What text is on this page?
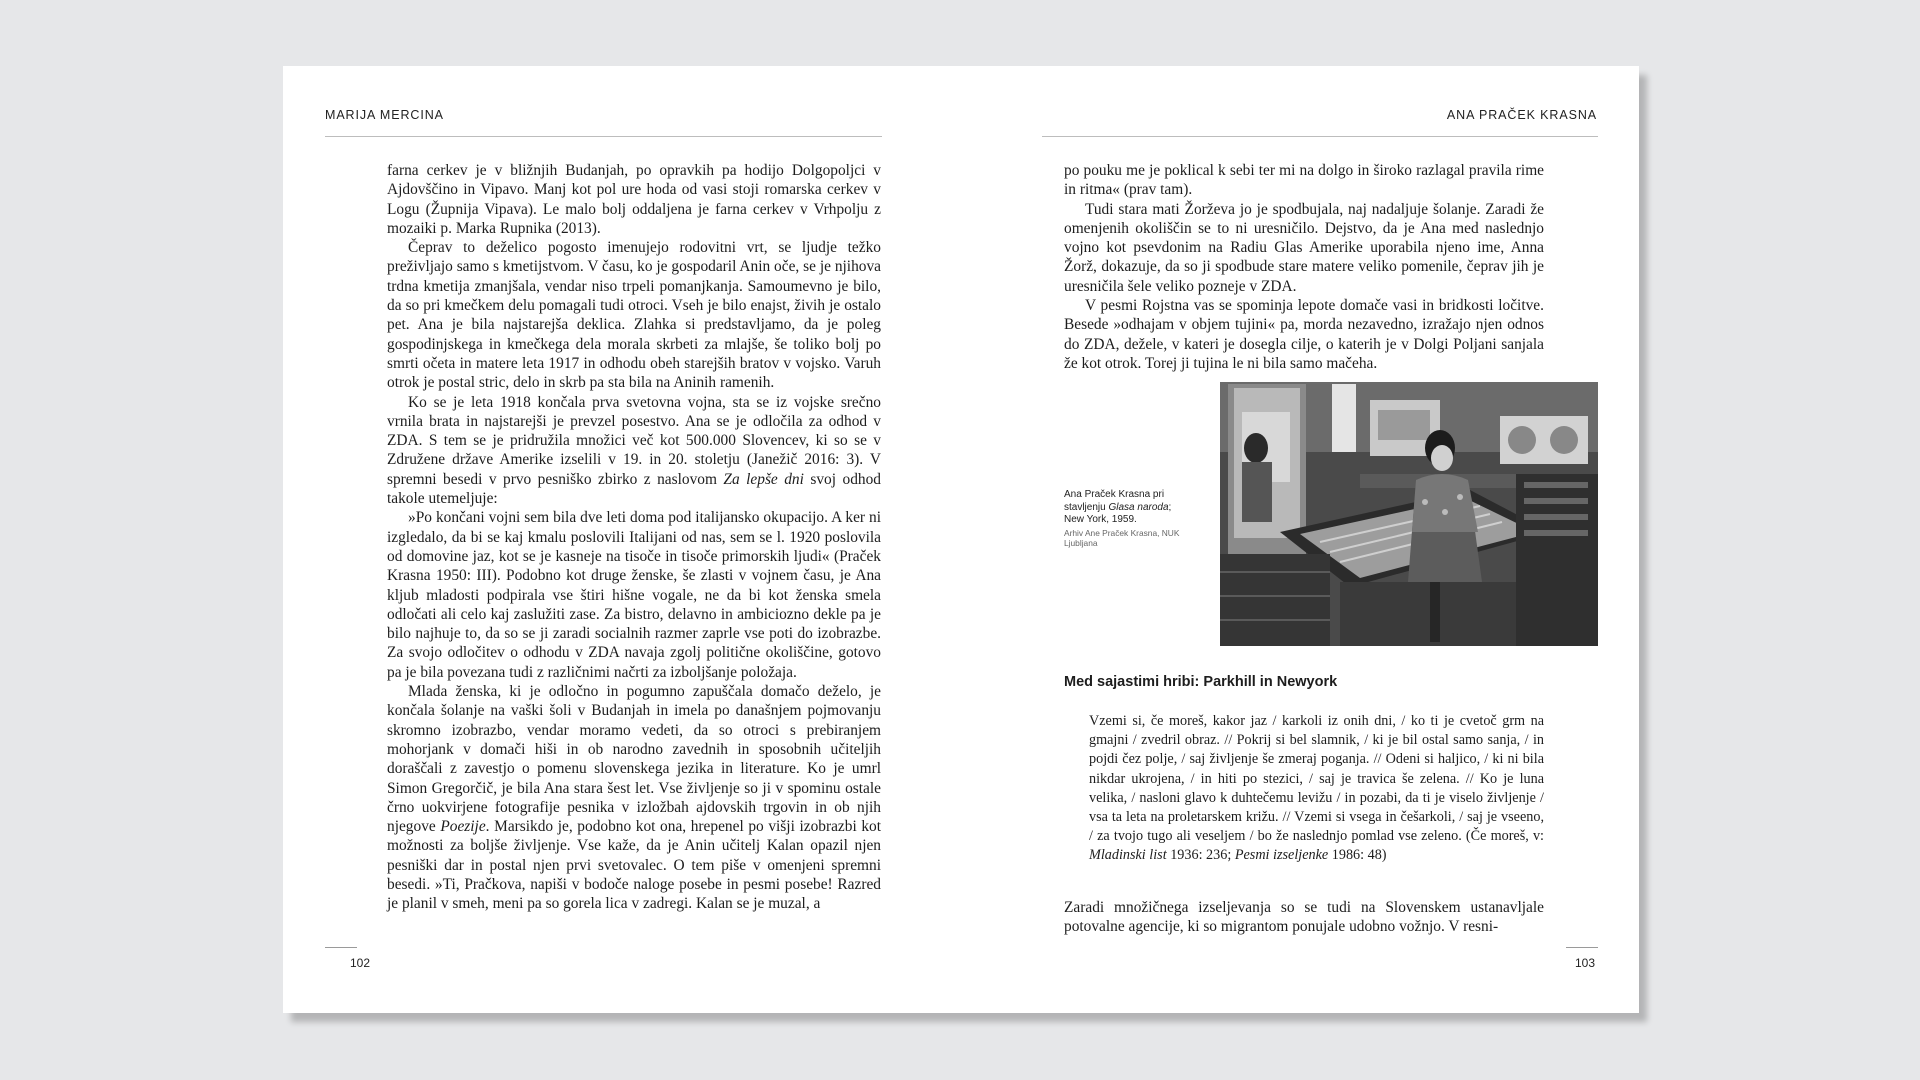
MARIJA MERCINA

farna cerkev je v bližnjih Budanjah, po opravkih pa hodijo Dolgopoljci v Ajdovščino in Vipavo. Manj kot pol ure hoda od vasi stoji romarska cerkev v Logu (Župnija Vipava). Le malo bolj oddaljena je farna cerkev v Vrhpolju z mozaiki p. Marka Rupnika (2013).

Čeprav to deželico pogosto imenujejo rodovitni vrt, se ljudje težko preživljajo samo s kmetijstvom. V času, ko je gospodaril Anin oče, se je njihova trdna kmetija zmanjšala, vendar niso trpeli pomanjkanja. Samoumevno je bilo, da so pri kmečkem delu pomagali tudi otroci. Vseh je bilo enajst, živih je ostalo pet. Ana je bila najstarejša deklica. Zlahka si predstavljamo, da je poleg gospodinjskega in kmečkega dela morala skrbeti za mlajše, še toliko bolj po smrti očeta in matere leta 1917 in odhodu obeh starejših bratov v vojsko. Varuh otrok je postal stric, delo in skrb pa sta bila na Aninih ramenih.

Ko se je leta 1918 končala prva svetovna vojna, sta se iz vojske srečno vrnila brata in najstarejši je prevzel posestvo. Ana se je odločila za odhod v ZDA. S tem se je pridružila množici več kot 500.000 Slovencev, ki so se v Združene države Amerike izselili v 19. in 20. stoletju (Janežič 2016: 3). V spremni besedi v prvo pesniško zbirko z naslovom Za lepše dni svoj odhod takole utemeljuje:

»Po končani vojni sem bila dve leti doma pod italijansko okupacijo. A ker ni izgledalo, da bi se kaj kmalu poslovili Italijani od nas, sem se l. 1920 poslovila od domovine jaz, kot se je kasneje na tisoče in tisoče primorskih ljudi« (Praček Krasna 1950: III). Podobno kot druge ženske, še zlasti v vojnem času, je Ana kljub mladosti podpirala vse štiri hišne vogale, ne da bi kot ženska smela odločati ali celo kaj zaslužiti zase. Za bistro, delavno in ambiciozno dekle pa je bilo najhuje to, da so se ji zaradi socialnih razmer zaprle vse poti do izobrazbe. Za svojo odločitev o odhodu v ZDA navaja zgolj politične okoliščine, gotovo pa je bila povezana tudi z različnimi načrti za izboljšanje položaja.

Mlada ženska, ki je odločno in pogumno zapuščala domačo deželo, je končala šolanje na vaški šoli v Budanjah in imela po današnjem pojmovanju skromno izobrazbo, vendar moramo vedeti, da so otroci s prebiranjem mohorjank v domači hiši in ob narodno zavednih in sposobnih učiteljih doraščali z zavestjo o pomenu slovenskega jezika in literature. Ko je umrl Simon Gregorčič, je bila Ana stara šest let. Vse življenje so ji v spominu ostale črno uokvirjene fotografije pesnika v izložbah ajdovskih trgovin in ob njih njegove Poezije. Marsikdo je, podobno kot ona, hrepenel po višji izobrazbi kot možnosti za boljše življenje. Vse kaže, da je Anin učitelj Kalan opazil njen pesniški dar in postal njen prvi svetovalec. O tem piše v omenjeni spremni besedi. »Ti, Pračkova, napiši v bodoče naloge posebe in pesmi posebe! Razred je planil v smeh, meni pa so gorela lica v zadregi. Kalan se je muzal, a

102
ANA PRAČEK KRASNA

po pouku me je poklical k sebi ter mi na dolgo in široko razlagal pravila rime in ritma« (prav tam).

Tudi stara mati Žorževa jo je spodbujala, naj nadaljuje šolanje. Zaradi že omenjenih okoliščin se to ni uresničilo. Dejstvo, da je Ana med naslednjo vojno kot psevdonim na Radiu Glas Amerike uporabila njeno ime, Anna Žorž, dokazuje, da so ji spodbude stare matere veliko pomenile, čeprav jih je uresničila šele veliko pozneje v ZDA.

V pesmi Rojstna vas se spominja lepote domače vasi in bridkosti ločitve. Besede »odhajam v objem tujini« pa, morda nezavedno, izražajo njen odnos do ZDA, dežele, v kateri je dosegla cilje, o katerih je v Dolgi Poljani sanjala že kot otrok. Torej ji tujina le ni bila samo mačeha.

Ana Praček Krasna pri stavljenju Glasa naroda; New York, 1959.
Arhiv Ane Praček Krasna, NUK Ljubljana
Med sajastimi hribi: Parkhill in Newyork
Vzemi si, če moreš, kakor jaz / karkoli iz onih dni, / ko ti je cvetoč grm na gmajni / zvedril obraz. // Pokrij si bel slamnik, / ki je bil ostal samo sanja, / in pojdi čez polje, / saj življenje še zmeraj poganja. // Odeni si haljico, / ki ni bila nikdar ukrojena, / in hiti po stezici, / saj je travica še zelena. // Ko je luna velika, / nasloni glavo k duhtečemu levižu / in pozabi, da ti je viselo življenje / vsa ta leta na proletarskem križu. // Vzemi si vsega in češarkoli, / saj je vseeno, / za tvojo tugo ali veseljem / bo že naslednjo pomlad vse zeleno. (Če moreš, v: Mladinski list 1936: 236; Pesmi izseljenke 1986: 48)

Zaradi množičnega izseljevanja so se tudi na Slovenskem ustanavljale potovalne agencije, ki so migrantom ponujale udobno vožnjo. V resni-

103
